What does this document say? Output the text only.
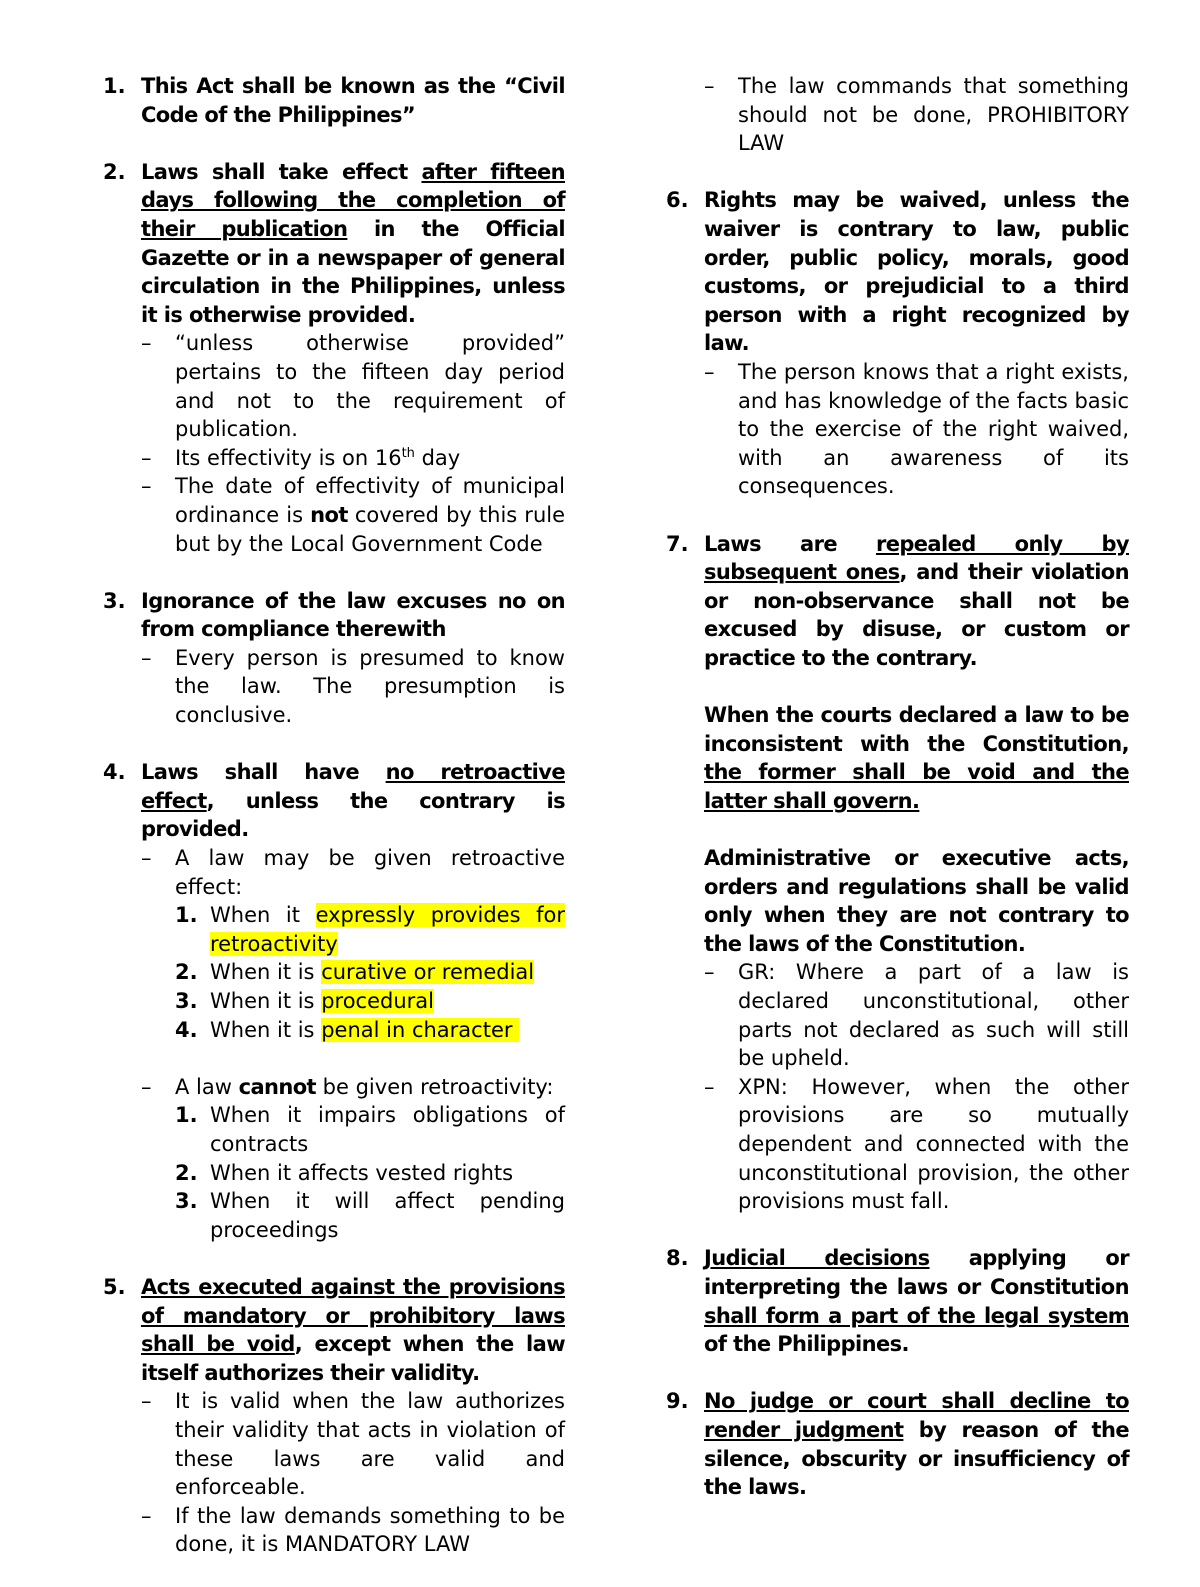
1. This Act shall be known as the “Civil Code of the Philippines”
2. Laws shall take effect after fifteen days following the completion of their publication in the Official Gazette or in a newspaper of general circulation in the Philippines, unless it is otherwise provided.
– “unless otherwise provided” pertains to the fifteen day period and not to the requirement of publication.
– Its effectivity is on 16th day
– The date of effectivity of municipal ordinance is not covered by this rule but by the Local Government Code
3. Ignorance of the law excuses no on from compliance therewith
– Every person is presumed to know the law. The presumption is conclusive.
4. Laws shall have no retroactive effect, unless the contrary is provided.
– A law may be given retroactive effect:
1. When it expressly provides for retroactivity
2. When it is curative or remedial
3. When it is procedural
4. When it is penal in character
– A law cannot be given retroactivity:
1. When it impairs obligations of contracts
2. When it affects vested rights
3. When it will affect pending proceedings
5. Acts executed against the provisions of mandatory or prohibitory laws shall be void, except when the law itself authorizes their validity.
– It is valid when the law authorizes their validity that acts in violation of these laws are valid and enforceable.
– If the law demands something to be done, it is MANDATORY LAW
– The law commands that something should not be done, PROHIBITORY LAW
6. Rights may be waived, unless the waiver is contrary to law, public order, public policy, morals, good customs, or prejudicial to a third person with a right recognized by law.
– The person knows that a right exists, and has knowledge of the facts basic to the exercise of the right waived, with an awareness of its consequences.
7. Laws are repealed only by subsequent ones, and their violation or non-observance shall not be excused by disuse, or custom or practice to the contrary.
When the courts declared a law to be inconsistent with the Constitution, the former shall be void and the latter shall govern.
Administrative or executive acts, orders and regulations shall be valid only when they are not contrary to the laws of the Constitution.
– GR: Where a part of a law is declared unconstitutional, other parts not declared as such will still be upheld.
– XPN: However, when the other provisions are so mutually dependent and connected with the unconstitutional provision, the other provisions must fall.
8. Judicial decisions applying or interpreting the laws or Constitution shall form a part of the legal system of the Philippines.
9. No judge or court shall decline to render judgment by reason of the silence, obscurity or insufficiency of the laws.
